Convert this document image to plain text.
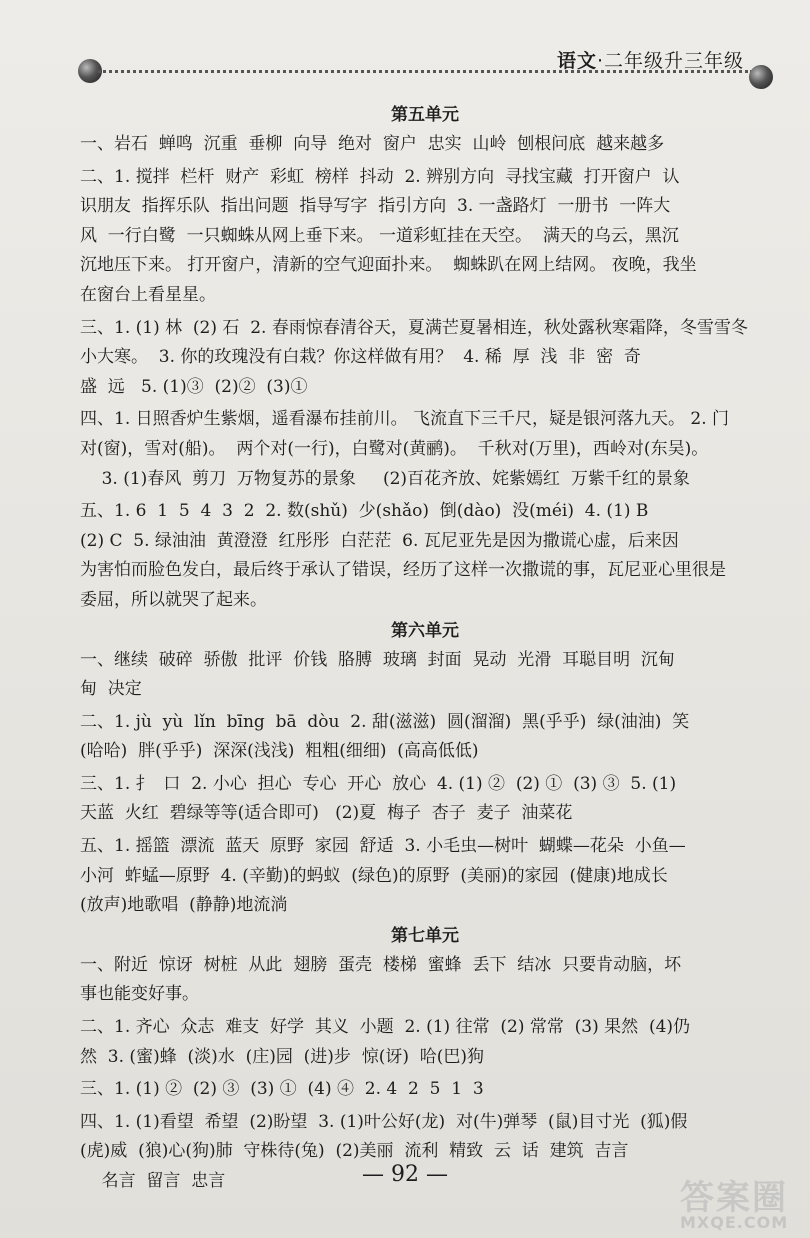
语文·二年级升三年级
第五单元
一、岩石  蝉鸣  沉重  垂柳  向导  绝对  窗户  忠实  山岭  刨根问底  越来越多
二、1. 搅拌  栏杆  财产  彩虹  榜样  抖动  2. 辨别方向  寻找宝藏  打开窗户  认
识朋友  指挥乐队  指出问题  指导写字  指引方向  3. 一盏路灯  一册书  一阵大
风  一行白鹭  一只蜘蛛从网上垂下来。 一道彩虹挂在天空。  满天的乌云，黑沉
沉地压下来。 打开窗户，清新的空气迎面扑来。  蜘蛛趴在网上结网。 夜晚，我坐
在窗台上看星星。
三、1. (1) 林  (2) 石  2. 春雨惊春清谷天，夏满芒夏暑相连，秋处露秋寒霜降，冬雪雪冬
小大寒。  3. 你的玫瑰没有白栽？你这样做有用？  4. 稀  厚  浅  非  密  奇
盛  远   5. (1)③  (2)②  (3)①
四、1. 日照香炉生紫烟，遥看瀑布挂前川。 飞流直下三千尺，疑是银河落九天。 2. 门
对(窗)，雪对(船)。  两个对(一行)，白鹭对(黄鹂)。  千秋对(万里)，西岭对(东吴)。
3. (1)春风  剪刀  万物复苏的景象     (2)百花齐放、姹紫嫣红  万紫千红的景象
五、1. 6  1  5  4  3  2  2. 数(shǔ)  少(shǎo)  倒(dào)  没(méi)  4. (1) B
(2) C  5. 绿油油  黄澄澄  红彤彤  白茫茫  6. 瓦尼亚先是因为撒谎心虚，后来因
为害怕而脸色发白，最后终于承认了错误，经历了这样一次撒谎的事，瓦尼亚心里很是
委屈，所以就哭了起来。
第六单元
一、继续  破碎  骄傲  批评  价钱  胳膊  玻璃  封面  晃动  光滑  耳聪目明  沉甸
甸  决定
二、1. jù  yù  lǐn  bīng  bā  dòu  2. 甜(滋滋)  圆(溜溜)  黑(乎乎)  绿(油油)  笑
(哈哈)  胖(乎乎)  深深(浅浅)  粗粗(细细)  (高高低低)
三、1. 扌  口  2. 小心  担心  专心  开心  放心  4. (1) ②  (2) ①  (3) ③  5. (1)
天蓝  火红  碧绿等等(适合即可)   (2)夏  梅子  杏子  麦子  油菜花
五、1. 摇篮  漂流  蓝天  原野  家园  舒适  3. 小毛虫—树叶  蝴蝶—花朵  小鱼—
小河  蚱蜢—原野  4. (辛勤)的蚂蚁  (绿色)的原野  (美丽)的家园  (健康)地成长
(放声)地歌唱  (静静)地流淌
第七单元
一、附近  惊讶  树桩  从此  翅膀  蛋壳  楼梯  蜜蜂  丢下  结冰  只要肯动脑，坏
事也能变好事。
二、1. 齐心  众志  难支  好学  其义  小题  2. (1) 往常  (2) 常常  (3) 果然  (4)仍
然  3. (蜜)蜂  (淡)水  (庄)园  (进)步  惊(讶)  哈(巴)狗
三、1. (1) ②  (2) ③  (3) ①  (4) ④  2. 4  2  5  1  3
四、1. (1)看望  希望  (2)盼望  3. (1)叶公好(龙)  对(牛)弹琴  (鼠)目寸光  (狐)假
(虎)威  (狼)心(狗)肺  守株待(兔)  (2)美丽  流利  精致  云  话  建筑  吉言
名言  留言  忠言	— 92 —
答案圈
MXQE.COM
